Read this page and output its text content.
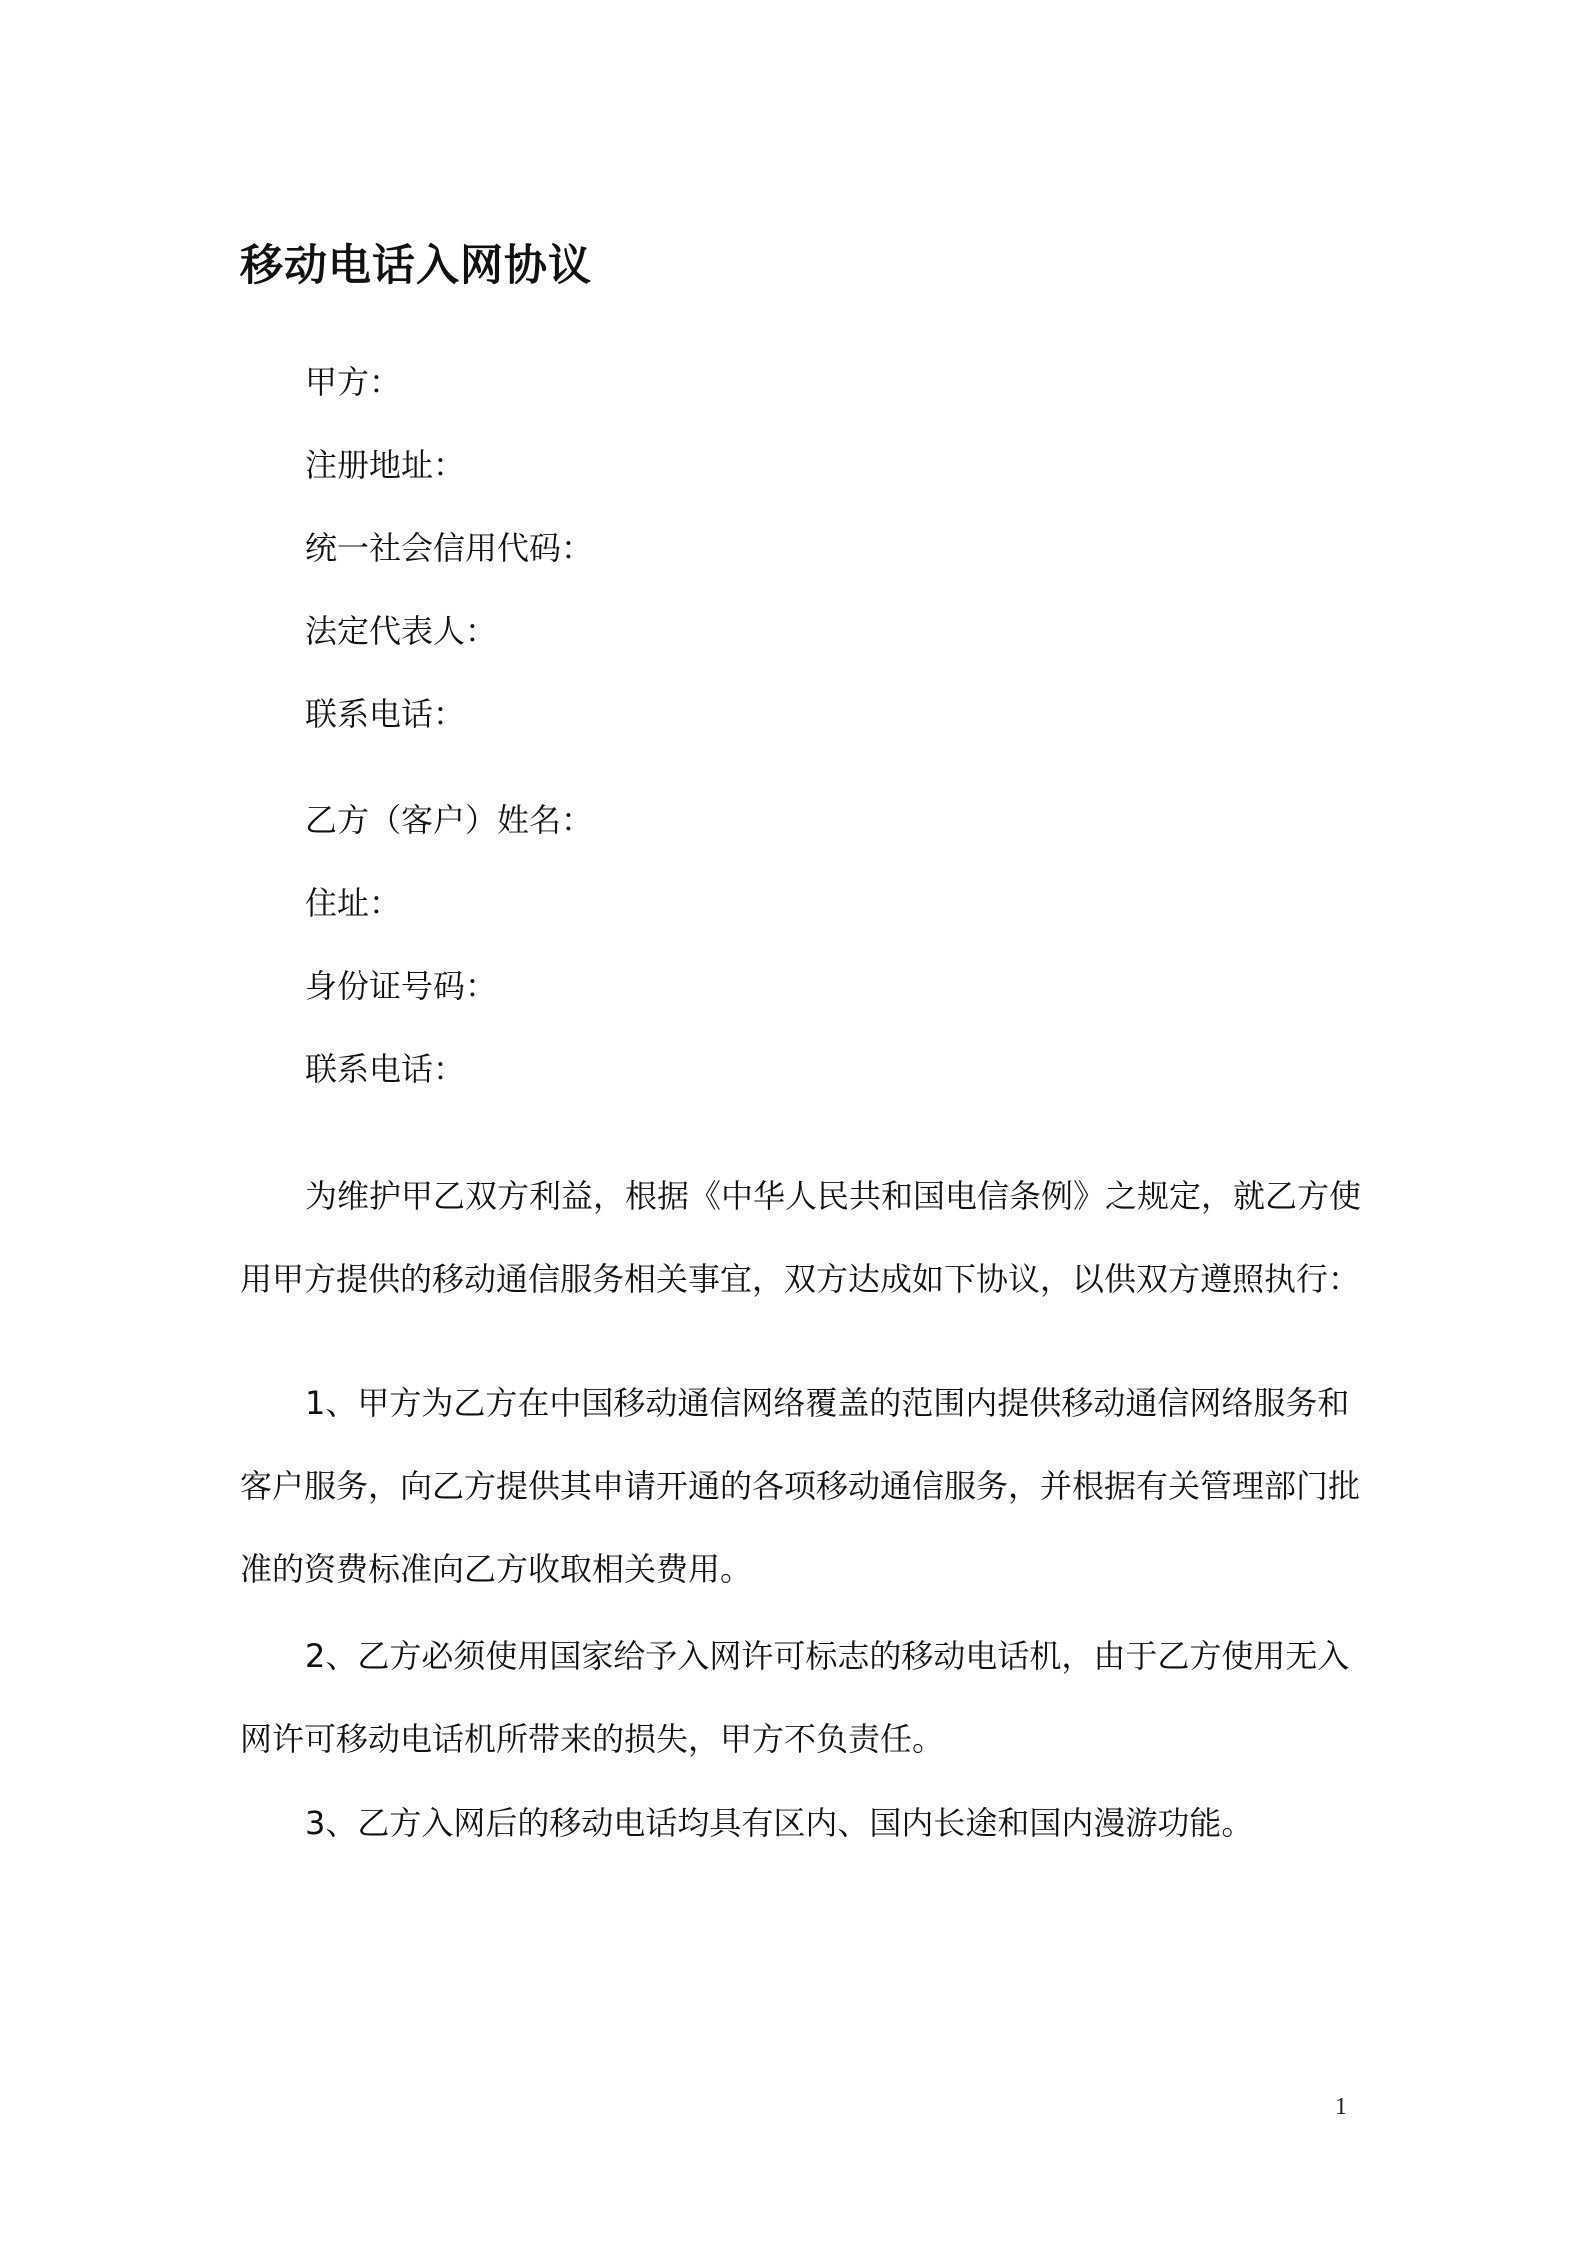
移动电话入网协议
甲方：
注册地址：
统一社会信用代码：
法定代表人：
联系电话：
乙方（客户）姓名：
住址：
身份证号码：
联系电话：
为维护甲乙双方利益，根据《中华人民共和国电信条例》之规定，就乙方使
用甲方提供的移动通信服务相关事宜，双方达成如下协议，以供双方遵照执行：
1、甲方为乙方在中国移动通信网络覆盖的范围内提供移动通信网络服务和
客户服务，向乙方提供其申请开通的各项移动通信服务，并根据有关管理部门批
准的资费标准向乙方收取相关费用。
2、乙方必须使用国家给予入网许可标志的移动电话机，由于乙方使用无入
网许可移动电话机所带来的损失，甲方不负责任。
3、乙方入网后的移动电话均具有区内、国内长途和国内漫游功能。
1
